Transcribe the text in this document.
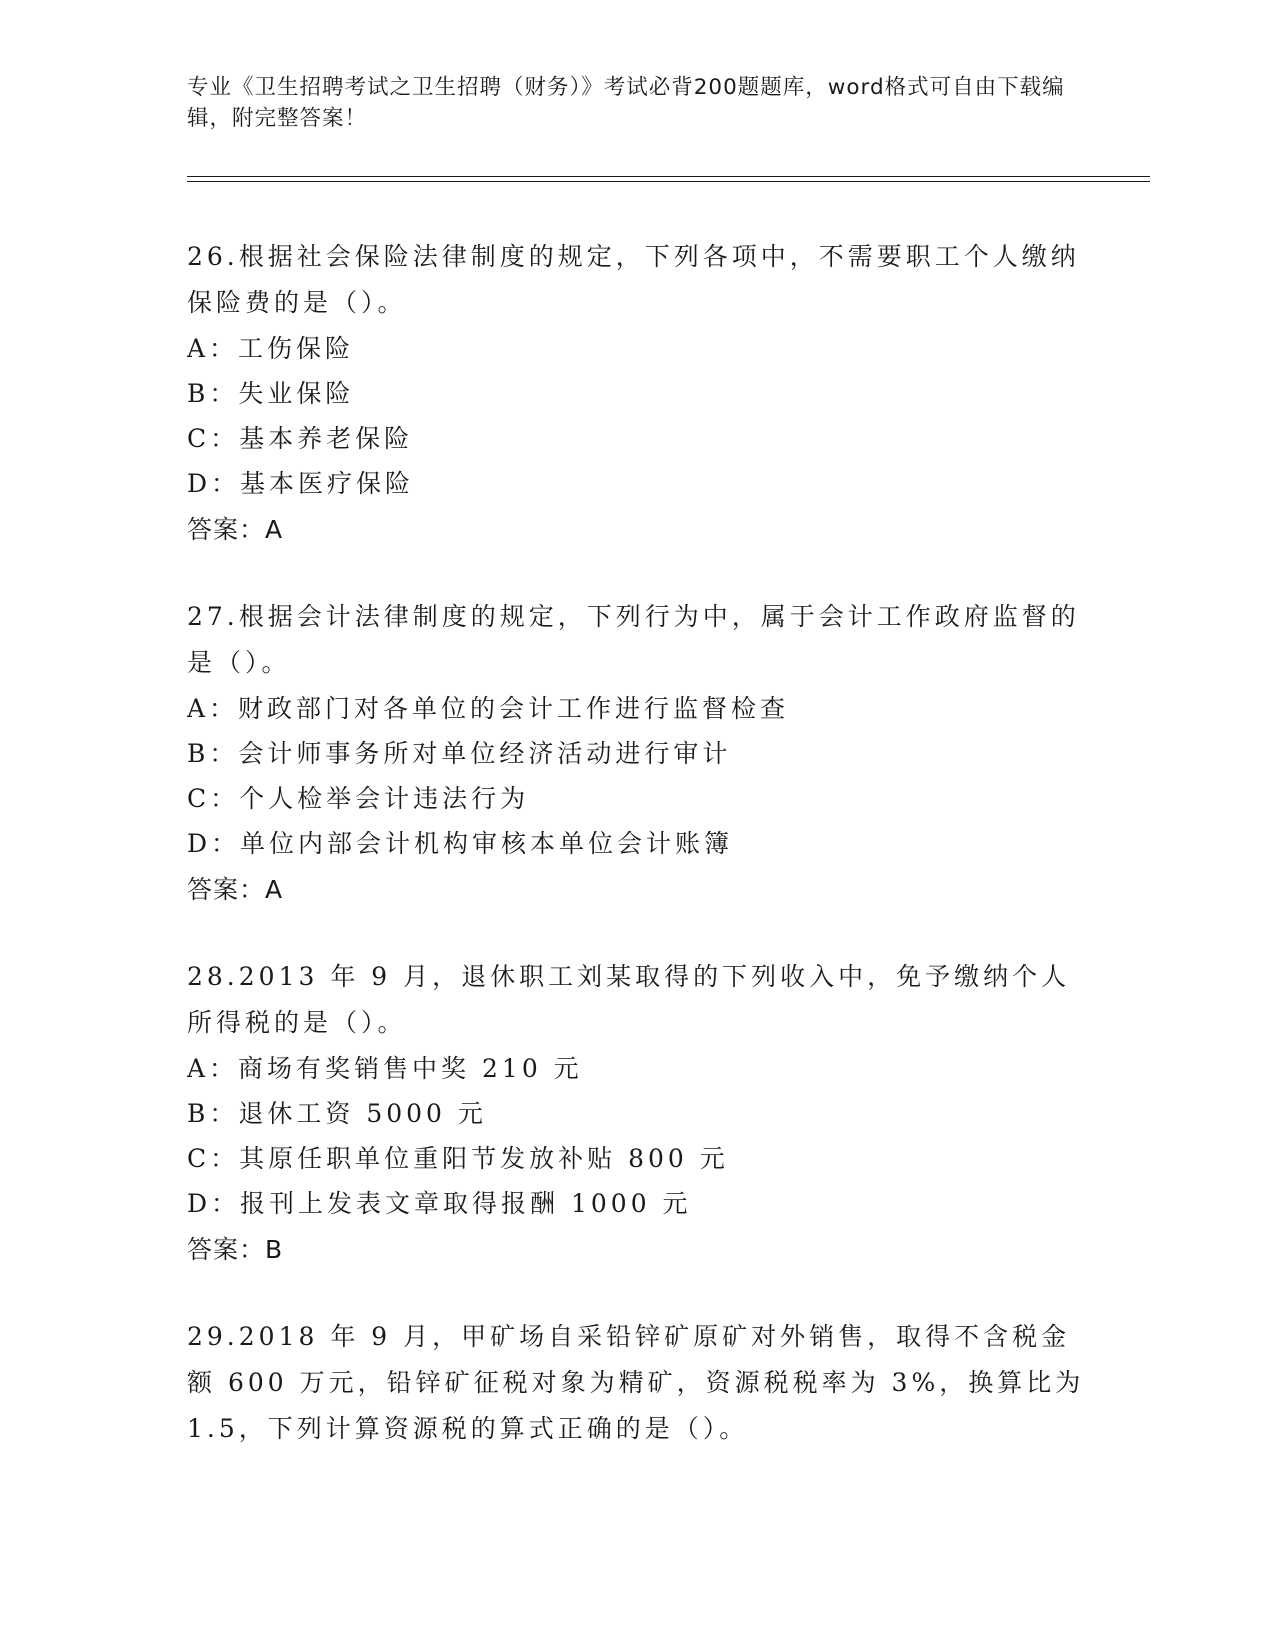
专业《卫生招聘考试之卫生招聘（财务）》考试必背200题题库，word格式可自由下载编辑，附完整答案！

26.根据社会保险法律制度的规定，下列各项中，不需要职工个人缴纳保险费的是（）。

A：工伤保险

B：失业保险

C：基本养老保险

D：基本医疗保险

答案：A

27.根据会计法律制度的规定，下列行为中，属于会计工作政府监督的是（）。

A：财政部门对各单位的会计工作进行监督检查

B：会计师事务所对单位经济活动进行审计

C：个人检举会计违法行为

D：单位内部会计机构审核本单位会计账簿

答案：A

28.2013 年 9 月，退休职工刘某取得的下列收入中，免予缴纳个人所得税的是（）。

A：商场有奖销售中奖 210 元

B：退休工资 5000 元

C：其原任职单位重阳节发放补贴 800 元

D：报刊上发表文章取得报酬 1000 元

答案：B

29.2018 年 9 月，甲矿场自采铅锌矿原矿对外销售，取得不含税金额 600 万元，铅锌矿征税对象为精矿，资源税税率为 3%，换算比为 1.5，下列计算资源税的算式正确的是（）。
